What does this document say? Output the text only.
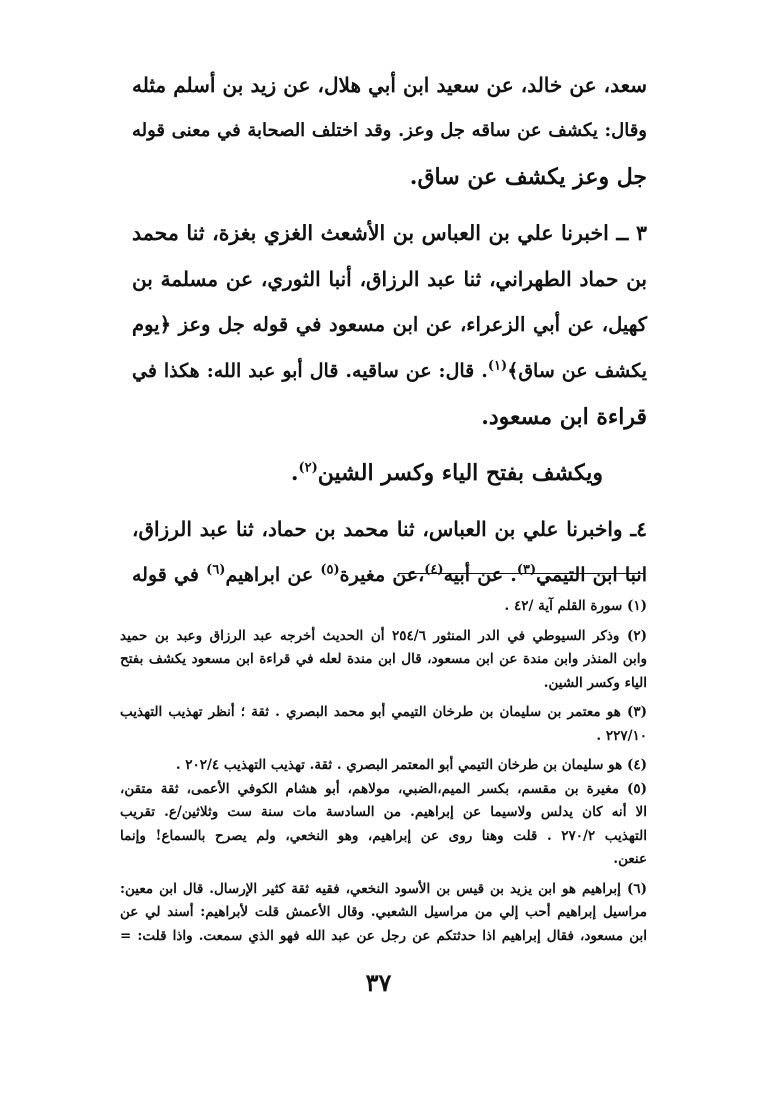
سعد، عن خالد، عن سعيد ابن أبي هلال، عن زيد بن أسلم مثله
وقال: يكشف عن ساقه جل وعز. وقد اختلف الصحابة في معنى قوله
جل وعز يكشف عن ساق.
٣ ــ اخبرنا علي بن العباس بن الأشعث الغزي بغزة، ثنا محمد
بن حماد الطهراني، ثنا عبد الرزاق، أنبا الثوري، عن مسلمة بن
كهيل، عن أبي الزعراء، عن ابن مسعود في قوله جل وعز ﴿يوم
يكشف عن ساق﴾$^{(١)}$. قال: عن ساقيه. قال أبو عبد الله: هكذا في
قراءة ابن مسعود.
  ويكشف بفتح الياء وكسر الشين$^{(٢)}$.
٤ـ واخبرنا علي بن العباس، ثنا محمد بن حماد، ثنا عبد الرزاق،
انبا ابن التيمي$^{(٣)}$. عن أبيه$^{(٤)}$،عن مغيرة$^{(٥)}$ عن ابراهيم$^{(٦)}$ في قوله
(١) سورة القلم آية /٤٢ .
(٢) وذكر السيوطي في الدر المنثور ٢٥٤/٦ أن الحديث أخرجه عبد الرزاق وعبد بن حميد
وابن المنذر وابن مندة عن ابن مسعود، قال ابن مندة لعله في قراءة ابن مسعود يكشف بفتح
الياء وكسر الشين.
(٣) هو معتمر بن سليمان بن طرخان التيمي أبو محمد البصري . ثقة ؛ أنظر تهذيب التهذيب
٢٢٧/١٠ .
(٤) هو سليمان بن طرخان التيمي أبو المعتمر البصري . ثقة. تهذيب التهذيب ٢٠٢/٤ .
(٥) مغيرة بن مقسم، بكسر الميم،الضبي، مولاهم، أبو هشام الكوفي الأعمى، ثقة متقن،
الا أنه كان يدلس ولاسيما عن إبراهيم. من السادسة مات سنة ست وثلاثين/ع. تقريب
التهذيب ٢٧٠/٢ . قلت وهنا روى عن إبراهيم، وهو النخعي، ولم يصرح بالسماع! وإنما
عنعن.
(٦) إبراهيم هو ابن يزيد بن قيس بن الأسود النخعي، فقيه ثقة كثير الإرسال. قال ابن معين:
مراسيل إبراهيم أحب إلي من مراسيل الشعبي. وقال الأعمش قلت لأبراهيم: أسند لي عن
ابن مسعود، فقال إبراهيم اذا حدثتكم عن رجل عن عبد الله فهو الذي سمعت. واذا قلت: =
٣٧
